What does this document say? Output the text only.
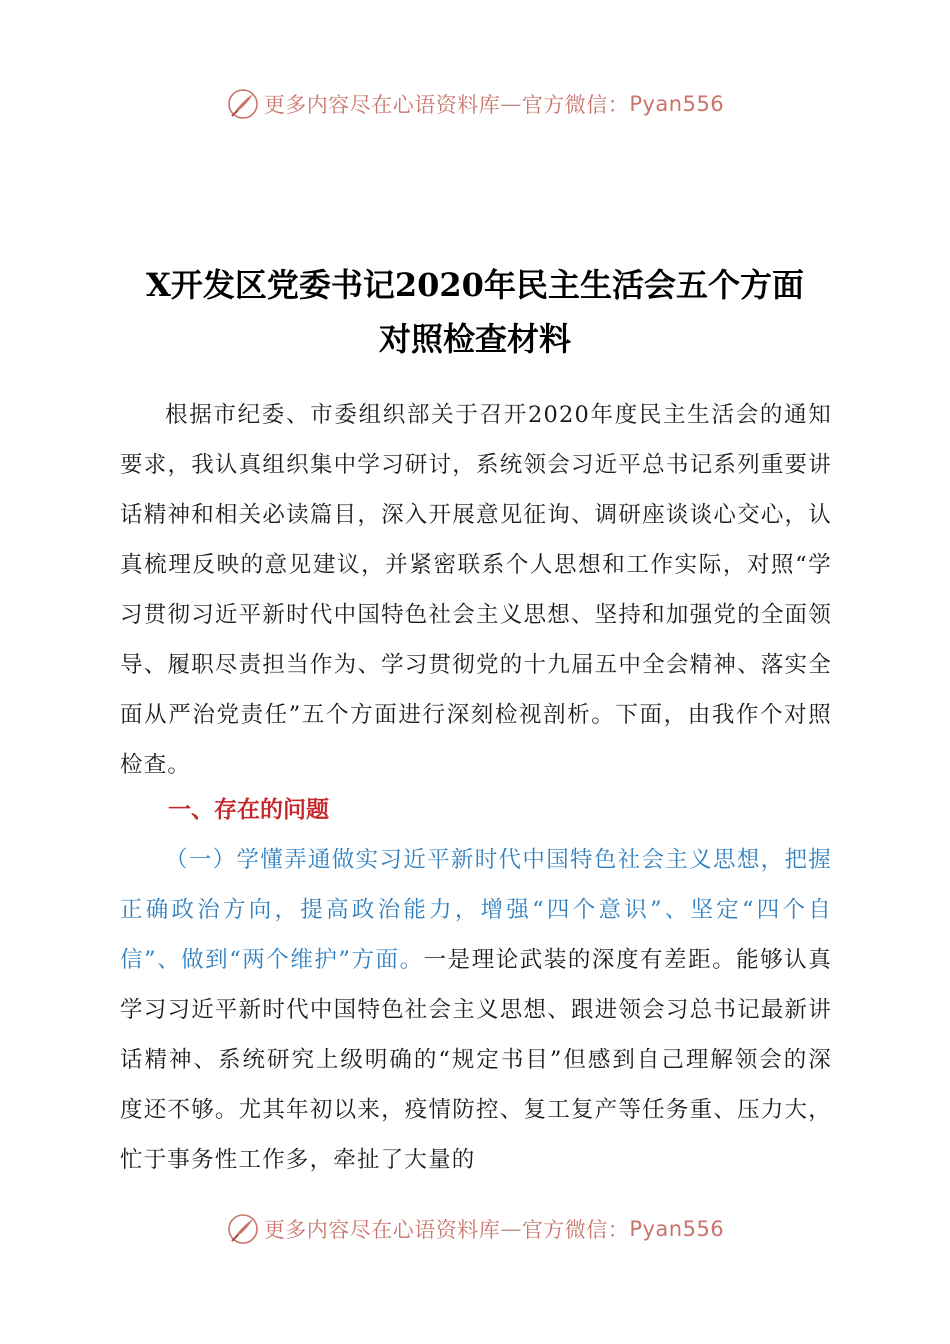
更多内容尽在心语资料库 — 官方微信： Pyan556
X开发区党委书记2020年民主生活会五个方面
对照检查材料

根据市纪委、市委组织部关于召开2020年度民主生活会的通知要求，我认真组织集中学习研讨，系统领会习近平总书记系列重要讲话精神和相关必读篇目，深入开展意见征询、调研座谈谈心交心，认真梳理反映的意见建议，并紧密联系个人思想和工作实际，对照“学习贯彻习近平新时代中国特色社会主义思想、坚持和加强党的全面领导、履职尽责担当作为、学习贯彻党的十九届五中全会精神、落实全面从严治党责任”五个方面进行深刻检视剖析。下面，由我作个对照检查。

一、存在的问题

（一）学懂弄通做实习近平新时代中国特色社会主义思想，把握正确政治方向，提高政治能力，增强“四个意识”、坚定“四个自信”、做到“两个维护”方面。一是理论武装的深度有差距。能够认真学习习近平新时代中国特色社会主义思想、跟进领会习总书记最新讲话精神、系统研究上级明确的“规定书目”但感到自己理解领会的深度还不够。尤其年初以来，疫情防控、复工复产等任务重、压力大，忙于事务性工作多，牵扯了大量的

更多内容尽在心语资料库 — 官方微信： Pyan556
